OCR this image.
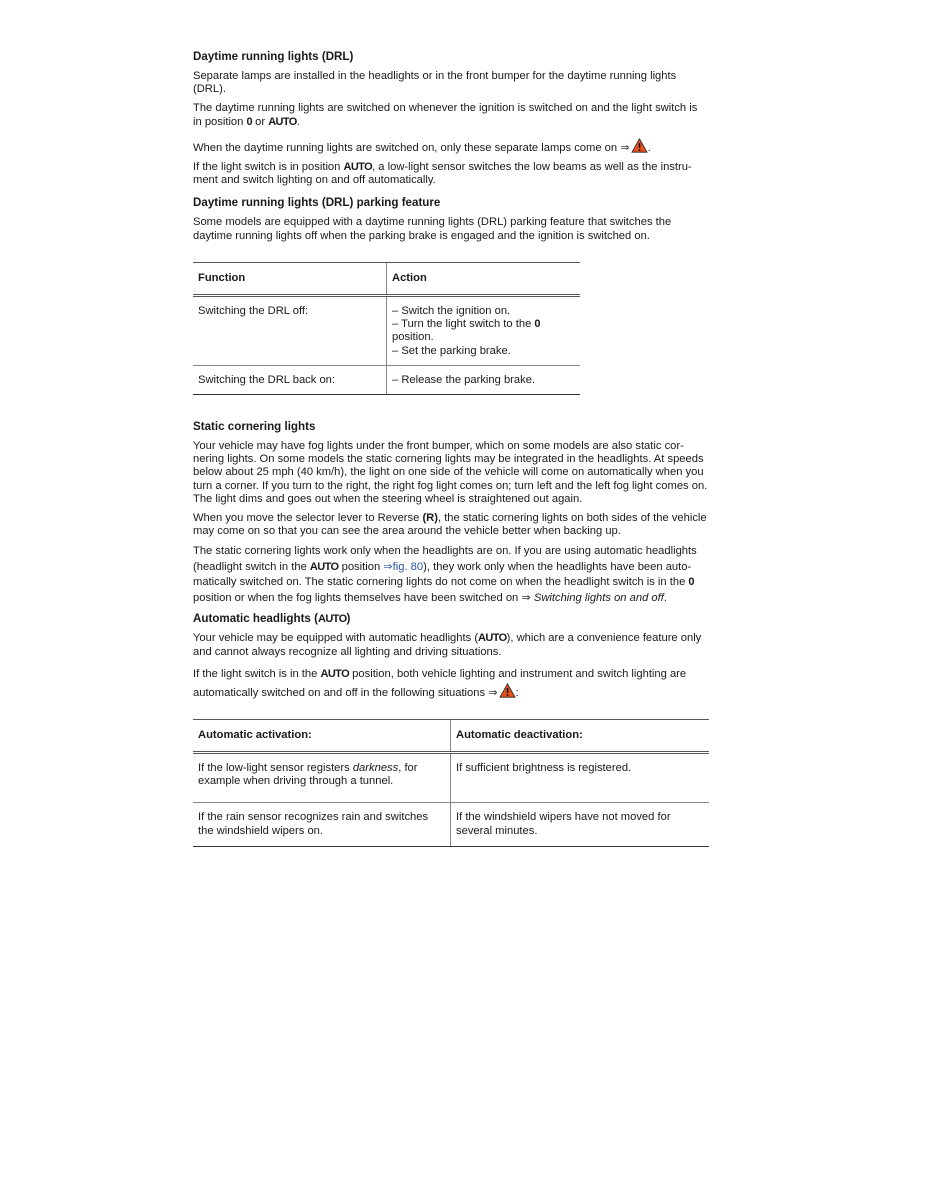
Daytime running lights (DRL)

Separate lamps are installed in the headlights or in the front bumper for the daytime running lights (DRL).

The daytime running lights are switched on whenever the ignition is switched on and the light switch is in position 0 or AUTO.

When the daytime running lights are switched on, only these separate lamps come on ⇒ .

If the light switch is in position AUTO, a low-light sensor switches the low beams as well as the instru-ment and switch lighting on and off automatically.

Daytime running lights (DRL) parking feature

Some models are equipped with a daytime running lights (DRL) parking feature that switches the daytime running lights off when the parking brake is engaged and the ignition is switched on.

Function	Action
Switching the DRL off:	– Switch the ignition on.
– Turn the light switch to the 0 position.
– Set the parking brake.

Switching the DRL back on:	– Release the parking brake.
Static cornering lights

Your vehicle may have fog lights under the front bumper, which on some models are also static cor-nering lights. On some models the static cornering lights may be integrated in the headlights. At speeds below about 25 mph (40 km/h), the light on one side of the vehicle will come on automatically when you turn a corner. If you turn to the right, the right fog light comes on; turn left and the left fog light comes on. The light dims and goes out when the steering wheel is straightened out again.

When you move the selector lever to Reverse (R), the static cornering lights on both sides of the vehicle may come on so that you can see the area around the vehicle better when backing up.

The static cornering lights work only when the headlights are on. If you are using automatic headlights (headlight switch in the AUTO position ⇒fig. 80), they work only when the headlights have been auto-matically switched on. The static cornering lights do not come on when the headlight switch is in the 0 position or when the fog lights themselves have been switched on ⇒ Switching lights on and off.

Automatic headlights (AUTO)

Your vehicle may be equipped with automatic headlights (AUTO), which are a convenience feature only and cannot always recognize all lighting and driving situations.

If the light switch is in the AUTO position, both vehicle lighting and instrument and switch lighting are automatically switched on and off in the following situations ⇒ :

Automatic activation:	Automatic deactivation:
If the low-light sensor registers darkness, for example when driving through a tunnel.	If sufficient brightness is registered.
If the rain sensor recognizes rain and switches the windshield wipers on.	If the windshield wipers have not moved for several minutes.
